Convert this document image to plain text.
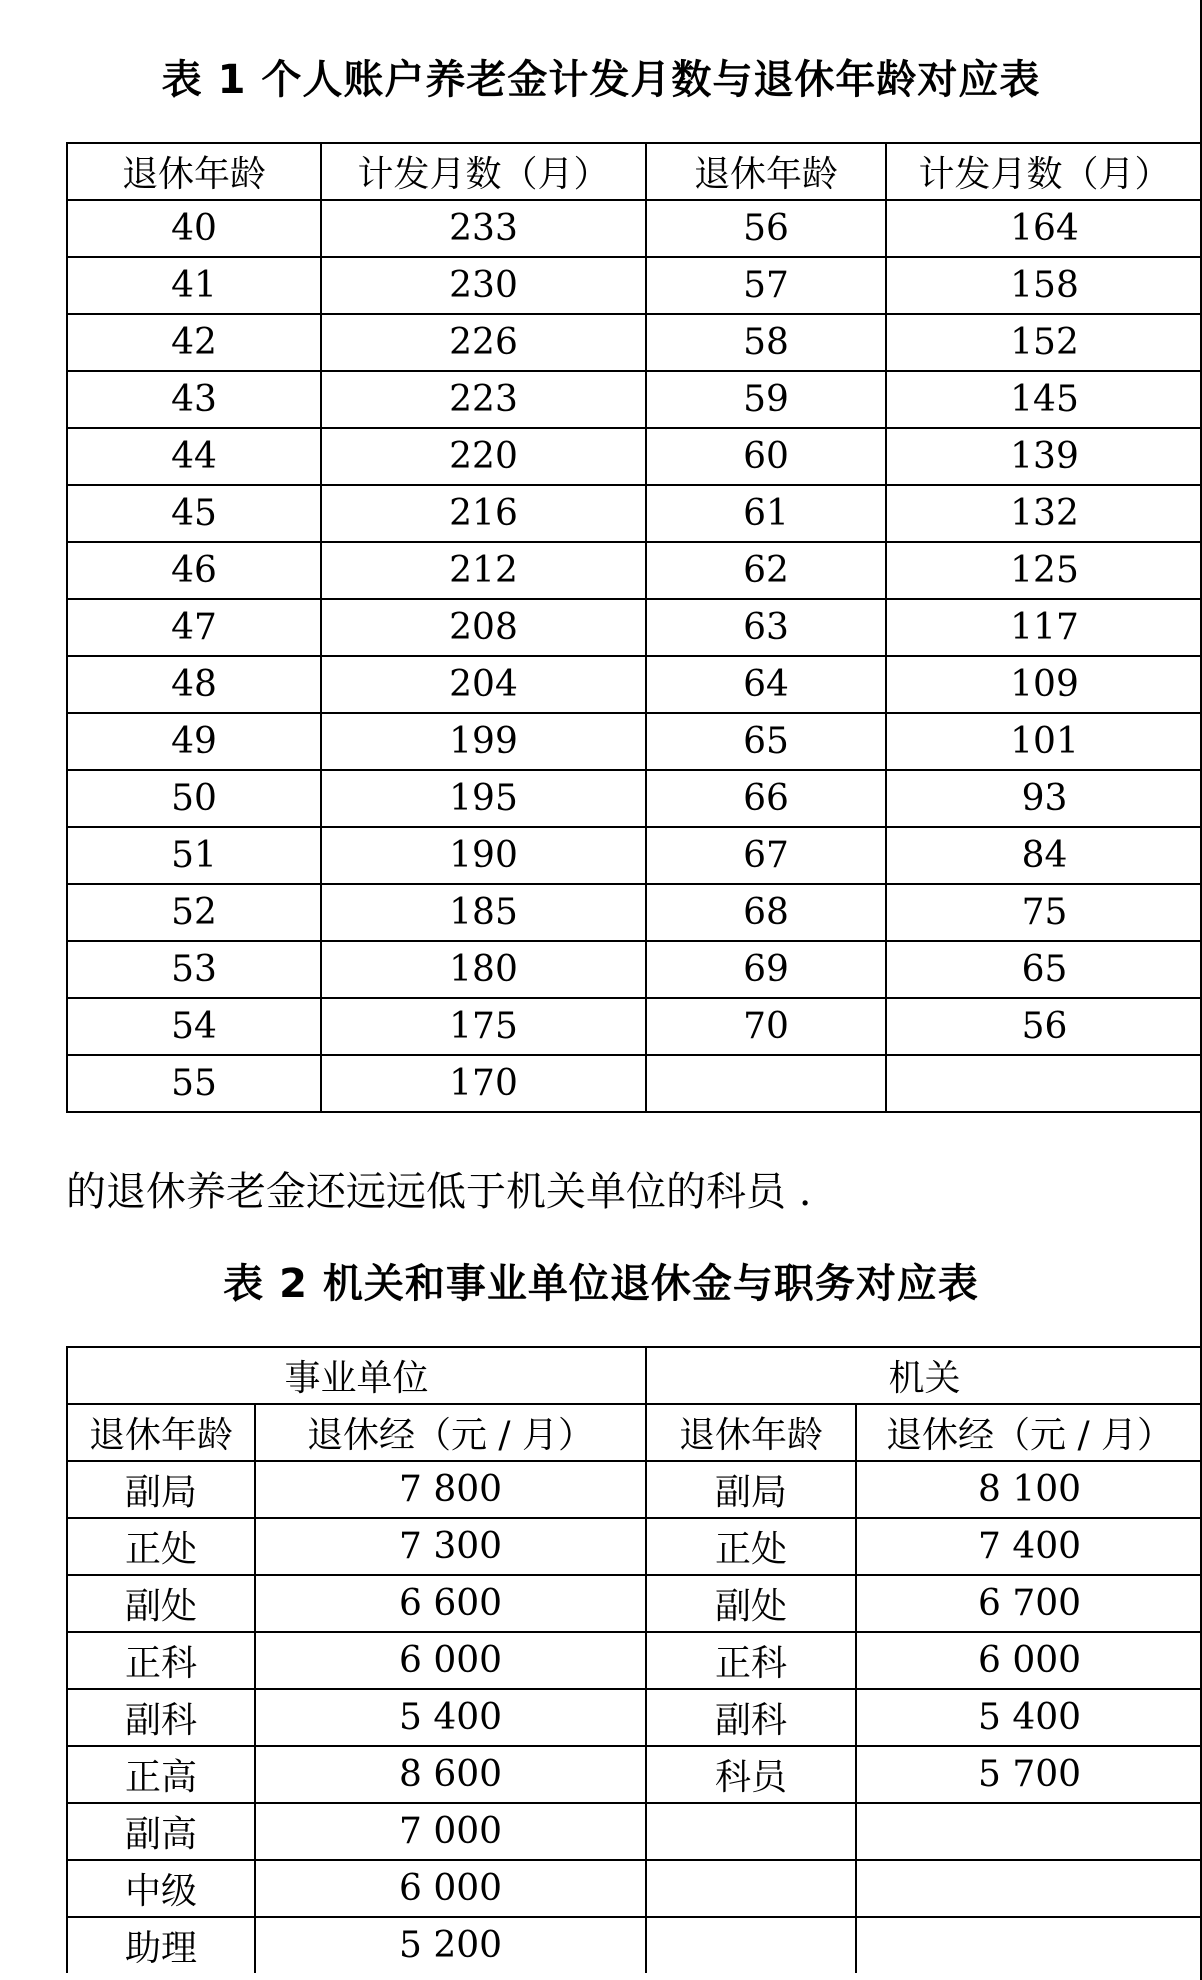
表 1 个人账户养老金计发月数与退休年龄对应表
退休年龄	计发月数（月）	退休年龄	计发月数（月）
40	233	56	164
41	230	57	158
42	226	58	152
43	223	59	145
44	220	60	139
45	216	61	132
46	212	62	125
47	208	63	117
48	204	64	109
49	199	65	101
50	195	66	93
51	190	67	84
52	185	68	75
53	180	69	65
54	175	70	56
55	170		
的退休养老金还远远低于机关单位的科员 .
表 2 机关和事业单位退休金与职务对应表
事业单位		机关	
退休年龄	退休经（元 / 月）	退休年龄	退休经（元 / 月）
副局	7 800	副局	8 100
正处	7 300	正处	7 400
副处	6 600	副处	6 700
正科	6 000	正科	6 000
副科	5 400	副科	5 400
正高	8 600	科员	5 700
副高	7 000		
中级	6 000		
助理	5 200		
